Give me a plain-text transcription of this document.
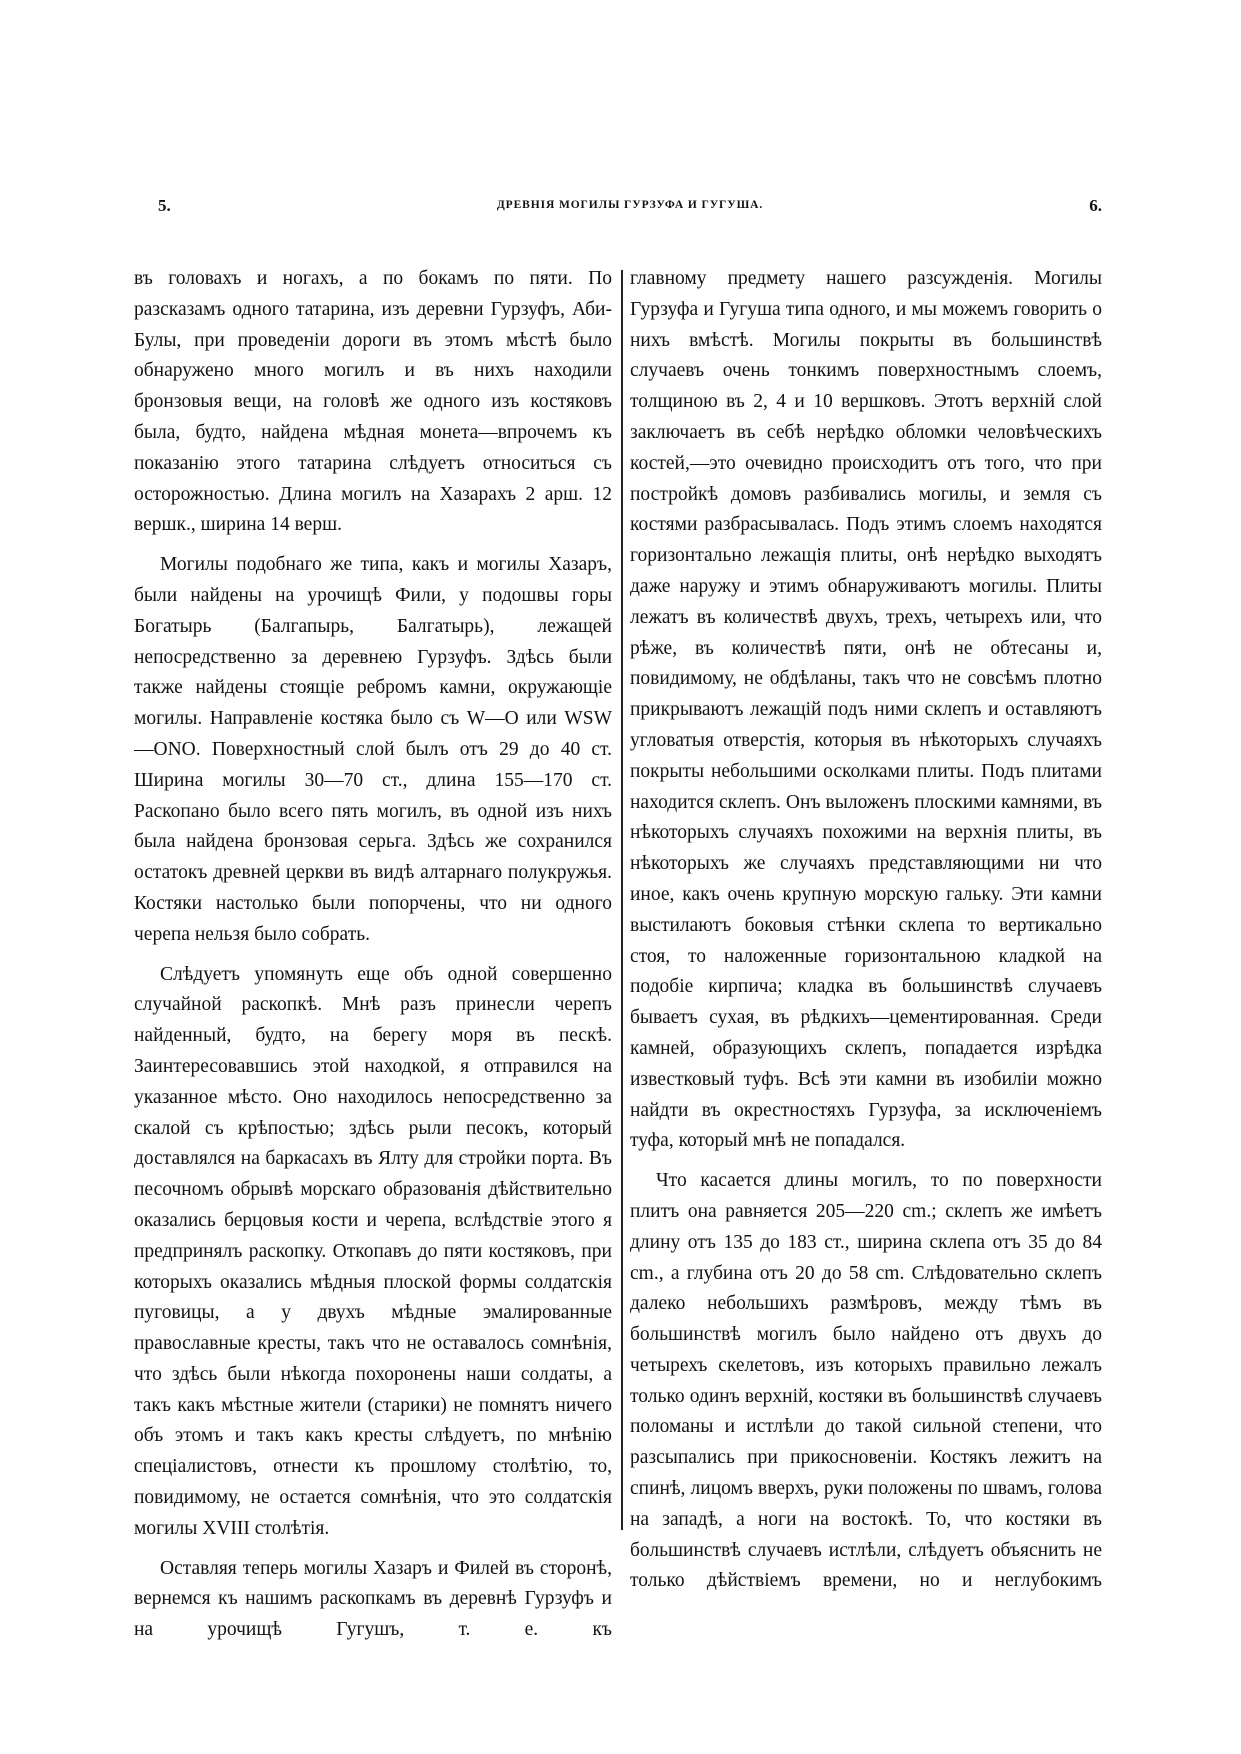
5.	ДРЕВНІЯ МОГИЛЫ ГУРЗУФА И ГУГУША.	6.

въ головахъ и ногахъ, а по бокамъ по пяти. По разсказамъ одного татарина, изъ деревни Гурзуфъ, Аби-Булы, при проведеніи дороги въ этомъ мѣстѣ было обнаружено много могилъ и въ нихъ находили бронзовыя вещи, на головѣ же одного изъ костяковъ была, будто, найдена мѣдная монета—впрочемъ къ показанію этого татарина слѣдуетъ относиться съ осторожностью. Длина могилъ на Хазарахъ 2 арш. 12 вершк., ширина 14 верш.

Могилы подобнаго же типа, какъ и могилы Хазаръ, были найдены на урочищѣ Фили, у подошвы горы Богатырь (Балгапырь, Балгатырь), лежащей непосредственно за деревнею Гурзуфъ. Здѣсь были также найдены стоящіе ребромъ камни, окружающіе могилы. Направленіе костяка было съ W—O или WSW—ONO. Поверхностный слой былъ отъ 29 до 40 ст. Ширина могилы 30—70 ст., длина 155—170 ст. Раскопано было всего пять могилъ, въ одной изъ нихъ была найдена бронзовая серьга. Здѣсь же сохранился остатокъ древней церкви въ видѣ алтарнаго полукружья. Костяки настолько были попорчены, что ни одного черепа нельзя было собрать.

Слѣдуетъ упомянуть еще объ одной совершенно случайной раскопкѣ. Мнѣ разъ принесли черепъ найденный, будто, на берегу моря въ пескѣ. Заинтересовавшись этой находкой, я отправился на указанное мѣсто. Оно находилось непосредственно за скалой съ крѣпостью; здѣсь рыли песокъ, который доставлялся на баркасахъ въ Ялту для стройки порта. Въ песочномъ обрывѣ морскаго образованія дѣйствительно оказались берцовыя кости и черепа, вслѣдствіе этого я предпринялъ раскопку. Откопавъ до пяти костяковъ, при которыхъ оказались мѣдныя плоской формы солдатскія пуговицы, а у двухъ мѣдные эмалированные православные кресты, такъ что не оставалось сомнѣнія, что здѣсь были нѣкогда похоронены наши солдаты, а такъ какъ мѣстные жители (старики) не помнятъ ничего объ этомъ и такъ какъ кресты слѣдуетъ, по мнѣнію спеціалистовъ, отнести къ прошлому столѣтію, то, повидимому, не остается сомнѣнія, что это солдатскія могилы XVIII столѣтія.

Оставляя теперь могилы Хазаръ и Филей въ сторонѣ, вернемся къ нашимъ раскопкамъ въ деревнѣ Гурзуфъ и на урочищѣ Гугушъ, т. е. къ

главному предмету нашего разсужденія. Могилы Гурзуфа и Гугуша типа одного, и мы можемъ говорить о нихъ вмѣстѣ. Могилы покрыты въ большинствѣ случаевъ очень тонкимъ поверхностнымъ слоемъ, толщиною въ 2, 4 и 10 вершковъ. Этотъ верхній слой заключаетъ въ себѣ нерѣдко обломки человѣческихъ костей,—это очевидно происходитъ отъ того, что при постройкѣ домовъ разбивались могилы, и земля съ костями разбрасывалась. Подъ этимъ слоемъ находятся горизонтально лежащія плиты, онѣ нерѣдко выходятъ даже наружу и этимъ обнаруживаютъ могилы. Плиты лежатъ въ количествѣ двухъ, трехъ, четырехъ или, что рѣже, въ количествѣ пяти, онѣ не обтесаны и, повидимому, не обдѣланы, такъ что не совсѣмъ плотно прикрываютъ лежащій подъ ними склепъ и оставляютъ угловатыя отверстія, которыя въ нѣкоторыхъ случаяхъ покрыты небольшими осколками плиты. Подъ плитами находится склепъ. Онъ выложенъ плоскими камнями, въ нѣкоторыхъ случаяхъ похожими на верхнія плиты, въ нѣкоторыхъ же случаяхъ представляющими ни что иное, какъ очень крупную морскую гальку. Эти камни выстилаютъ боковыя стѣнки склепа то вертикально стоя, то наложенные горизонтальною кладкой на подобіе кирпича; кладка въ большинствѣ случаевъ бываетъ сухая, въ рѣдкихъ—цементированная. Среди камней, образующихъ склепъ, попадается изрѣдка известковый туфъ. Всѣ эти камни въ изобиліи можно найдти въ окрестностяхъ Гурзуфа, за исключеніемъ туфа, который мнѣ не попадался.

Что касается длины могилъ, то по поверхности плитъ она равняется 205—220 cm.; склепъ же имѣетъ длину отъ 135 до 183 ст., ширина склепа отъ 35 до 84 cm., а глубина отъ 20 до 58 cm. Слѣдовательно склепъ далеко небольшихъ размѣровъ, между тѣмъ въ большинствѣ могилъ было найдено отъ двухъ до четырехъ скелетовъ, изъ которыхъ правильно лежалъ только одинъ верхній, костяки въ большинствѣ случаевъ поломаны и истлѣли до такой сильной степени, что разсыпались при прикосновеніи. Костякъ лежитъ на спинѣ, лицомъ вверхъ, руки положены по швамъ, голова на западѣ, а ноги на востокѣ. То, что костяки въ большинствѣ случаевъ истлѣли, слѣдуетъ объяснить не только дѣйствіемъ времени, но и неглубокимъ
